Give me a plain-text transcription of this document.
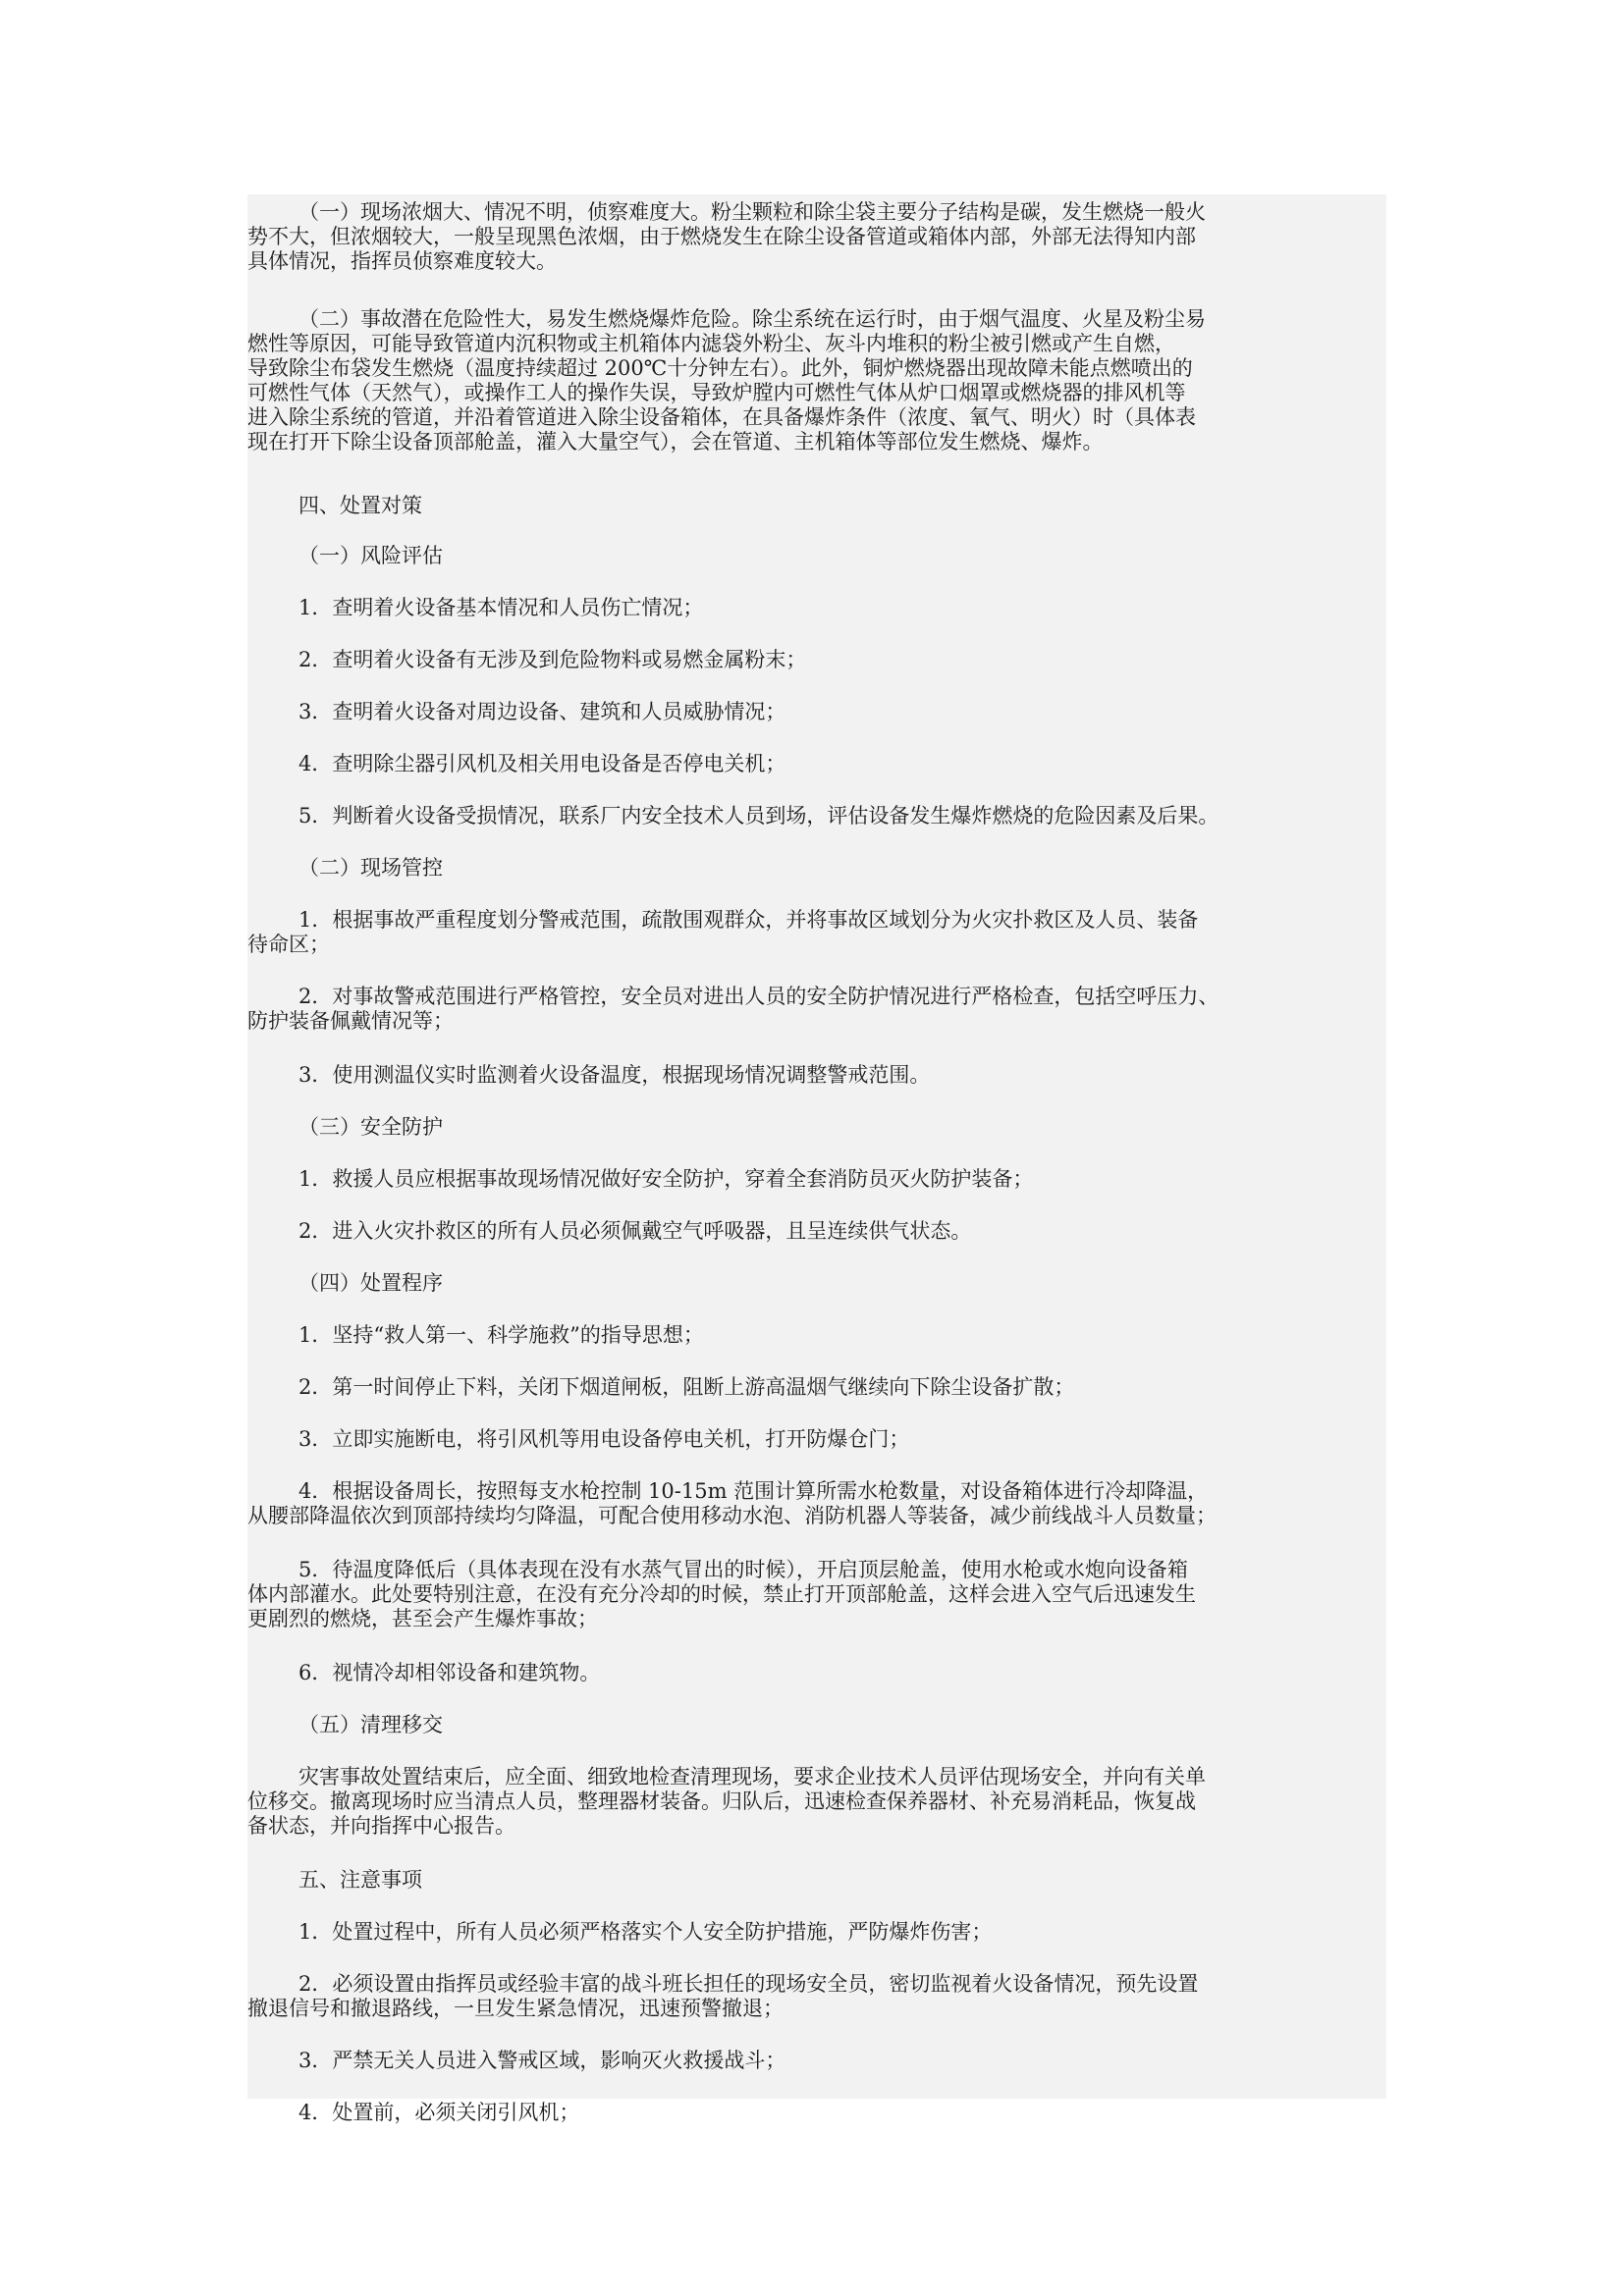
（一）现场浓烟大、情况不明，侦察难度大。粉尘颗粒和除尘袋主要分子结构是碳，发生燃烧一般火
势不大，但浓烟较大，一般呈现黑色浓烟，由于燃烧发生在除尘设备管道或箱体内部，外部无法得知内部
具体情况，指挥员侦察难度较大。
（二）事故潜在危险性大，易发生燃烧爆炸危险。除尘系统在运行时，由于烟气温度、火星及粉尘易
燃性等原因，可能导致管道内沉积物或主机箱体内滤袋外粉尘、灰斗内堆积的粉尘被引燃或产生自燃，
导致除尘布袋发生燃烧（温度持续超过 200℃十分钟左右）。此外，铜炉燃烧器出现故障未能点燃喷出的
可燃性气体（天然气），或操作工人的操作失误，导致炉膛内可燃性气体从炉口烟罩或燃烧器的排风机等
进入除尘系统的管道，并沿着管道进入除尘设备箱体，在具备爆炸条件（浓度、氧气、明火）时（具体表
现在打开下除尘设备顶部舱盖，灌入大量空气），会在管道、主机箱体等部位发生燃烧、爆炸。
四、处置对策
（一）风险评估
1．查明着火设备基本情况和人员伤亡情况；
2．查明着火设备有无涉及到危险物料或易燃金属粉末；
3．查明着火设备对周边设备、建筑和人员威胁情况；
4．查明除尘器引风机及相关用电设备是否停电关机；
5．判断着火设备受损情况，联系厂内安全技术人员到场，评估设备发生爆炸燃烧的危险因素及后果。
（二）现场管控
1．根据事故严重程度划分警戒范围，疏散围观群众，并将事故区域划分为火灾扑救区及人员、装备
待命区；
2．对事故警戒范围进行严格管控，安全员对进出人员的安全防护情况进行严格检查，包括空呼压力、
防护装备佩戴情况等；
3．使用测温仪实时监测着火设备温度，根据现场情况调整警戒范围。
（三）安全防护
1．救援人员应根据事故现场情况做好安全防护，穿着全套消防员灭火防护装备；
2．进入火灾扑救区的所有人员必须佩戴空气呼吸器，且呈连续供气状态。
（四）处置程序
1．坚持“救人第一、科学施救”的指导思想；
2．第一时间停止下料，关闭下烟道闸板，阻断上游高温烟气继续向下除尘设备扩散；
3．立即实施断电，将引风机等用电设备停电关机，打开防爆仓门；
4．根据设备周长，按照每支水枪控制 10-15m 范围计算所需水枪数量，对设备箱体进行冷却降温，
从腰部降温依次到顶部持续均匀降温，可配合使用移动水泡、消防机器人等装备，减少前线战斗人员数量；
5．待温度降低后（具体表现在没有水蒸气冒出的时候），开启顶层舱盖，使用水枪或水炮向设备箱
体内部灌水。此处要特别注意，在没有充分冷却的时候，禁止打开顶部舱盖，这样会进入空气后迅速发生
更剧烈的燃烧，甚至会产生爆炸事故；
6．视情冷却相邻设备和建筑物。
（五）清理移交
灾害事故处置结束后，应全面、细致地检查清理现场，要求企业技术人员评估现场安全，并向有关单
位移交。撤离现场时应当清点人员，整理器材装备。归队后，迅速检查保养器材、补充易消耗品，恢复战
备状态，并向指挥中心报告。
五、注意事项
1．处置过程中，所有人员必须严格落实个人安全防护措施，严防爆炸伤害；
2．必须设置由指挥员或经验丰富的战斗班长担任的现场安全员，密切监视着火设备情况，预先设置
撤退信号和撤退路线，一旦发生紧急情况，迅速预警撤退；
3．严禁无关人员进入警戒区域，影响灭火救援战斗；
4．处置前，必须关闭引风机；
